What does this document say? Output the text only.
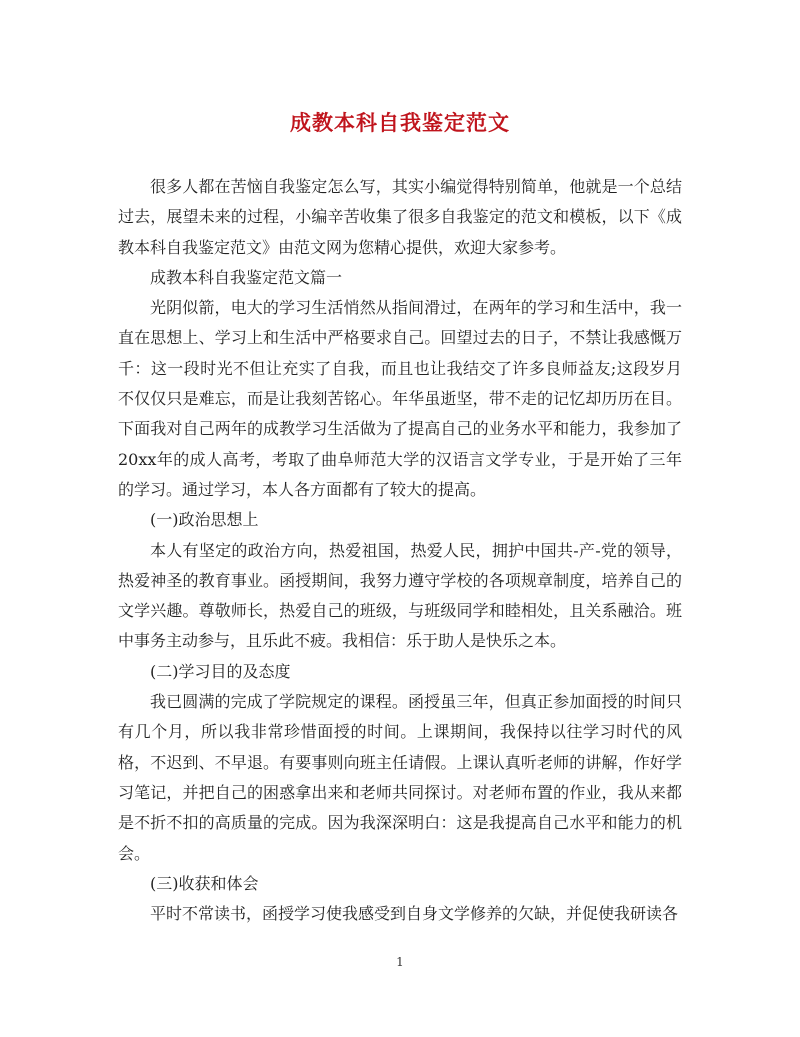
成教本科自我鉴定范文

很多人都在苦恼自我鉴定怎么写，其实小编觉得特别简单，他就是一个总结过去，展望未来的过程，小编辛苦收集了很多自我鉴定的范文和模板，以下《成教本科自我鉴定范文》由范文网为您精心提供，欢迎大家参考。

成教本科自我鉴定范文篇一

光阴似箭，电大的学习生活悄然从指间滑过，在两年的学习和生活中，我一直在思想上、学习上和生活中严格要求自己。回望过去的日子，不禁让我感慨万千：这一段时光不但让充实了自我，而且也让我结交了许多良师益友;这段岁月不仅仅只是难忘，而是让我刻苦铭心。年华虽逝坚，带不走的记忆却历历在目。下面我对自己两年的成教学习生活做为了提高自己的业务水平和能力，我参加了20xx年的成人高考，考取了曲阜师范大学的汉语言文学专业，于是开始了三年的学习。通过学习，本人各方面都有了较大的提高。

(一)政治思想上

本人有坚定的政治方向，热爱祖国，热爱人民，拥护中国共-产-党的领导，热爱神圣的教育事业。函授期间，我努力遵守学校的各项规章制度，培养自己的文学兴趣。尊敬师长，热爱自己的班级，与班级同学和睦相处，且关系融洽。班中事务主动参与，且乐此不疲。我相信：乐于助人是快乐之本。

(二)学习目的及态度

我已圆满的完成了学院规定的课程。函授虽三年，但真正参加面授的时间只有几个月，所以我非常珍惜面授的时间。上课期间，我保持以往学习时代的风格，不迟到、不早退。有要事则向班主任请假。上课认真听老师的讲解，作好学习笔记，并把自己的困惑拿出来和老师共同探讨。对老师布置的作业，我从来都是不折不扣的高质量的完成。因为我深深明白：这是我提高自己水平和能力的机会。

(三)收获和体会

平时不常读书，函授学习使我感受到自身文学修养的欠缺，并促使我研读各

1
